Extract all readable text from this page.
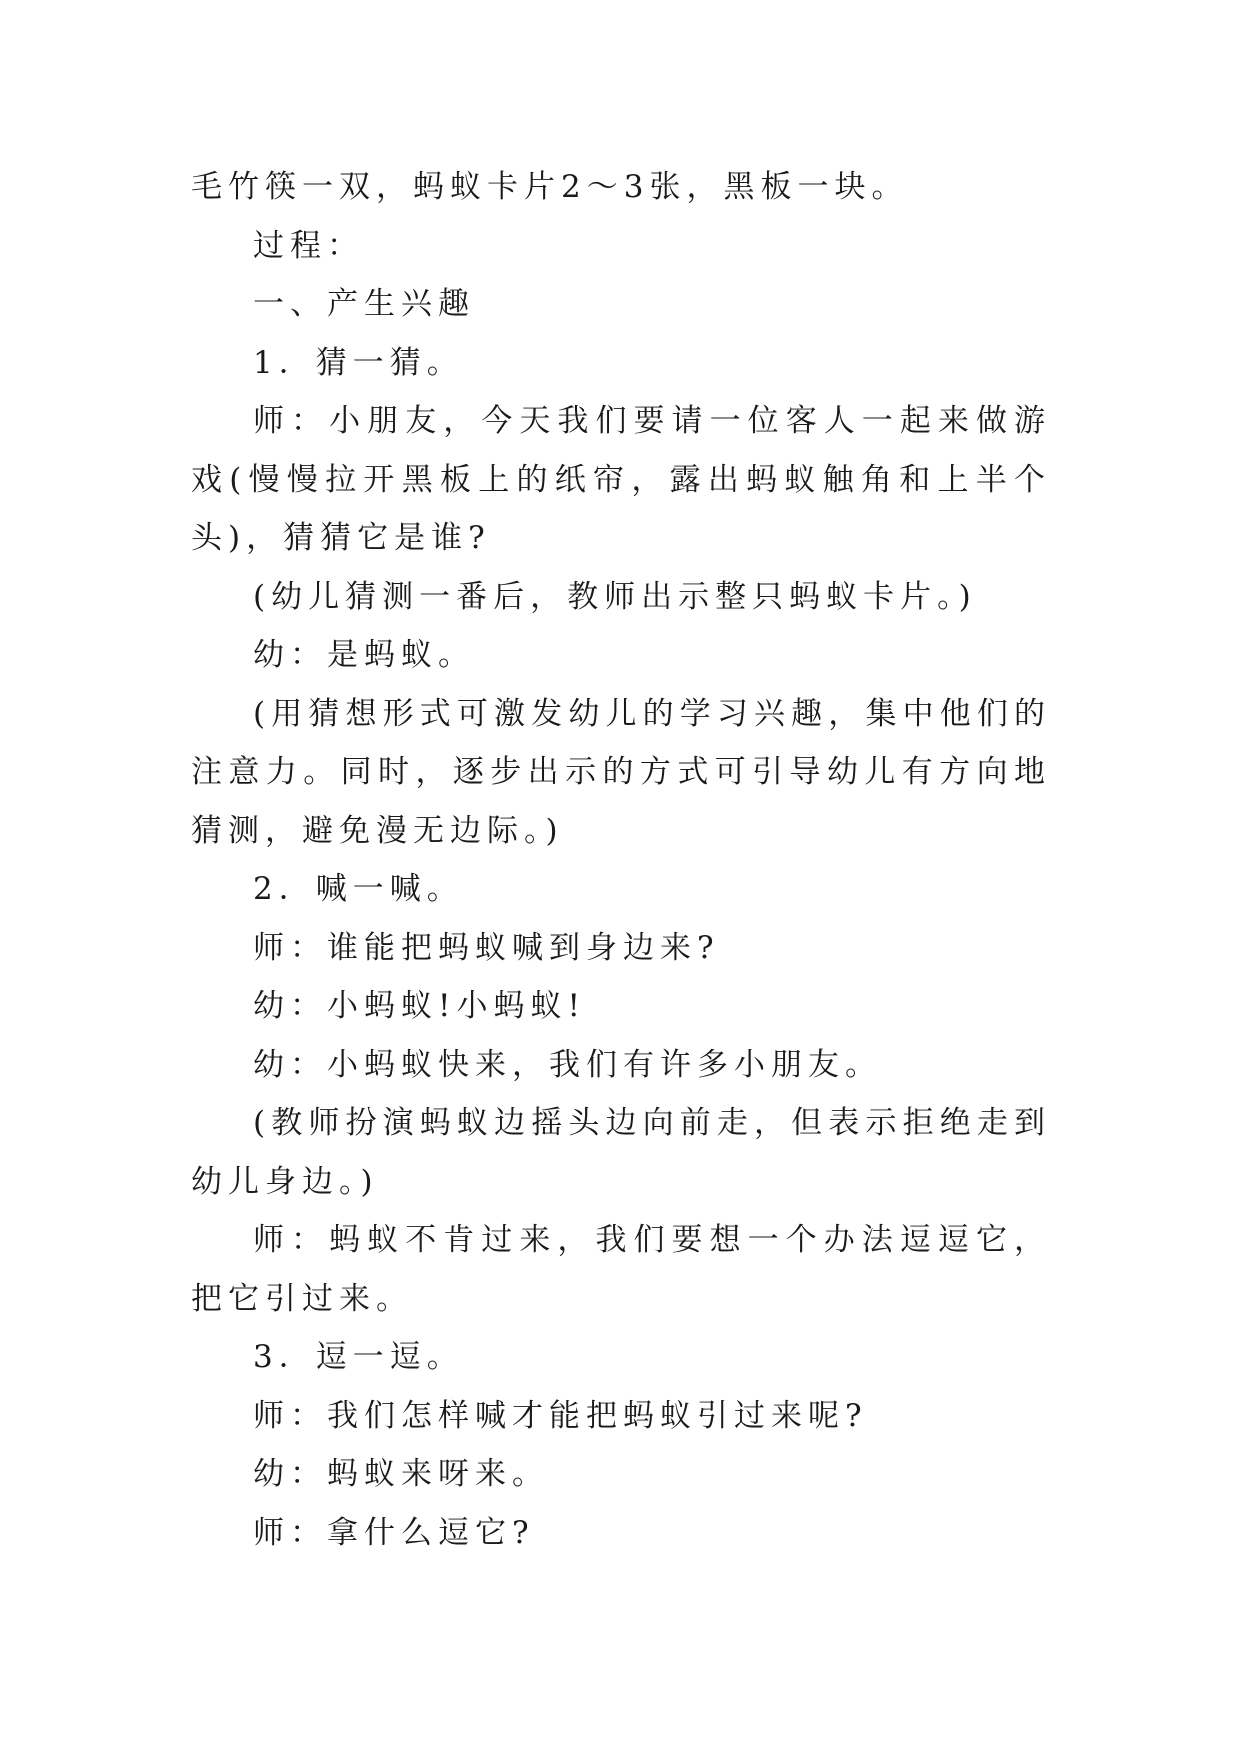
毛竹筷一双，蚂蚁卡片2～3张，黑板一块。

过程：

一、产生兴趣

1．猜一猜。

师：小朋友，今天我们要请一位客人一起来做游戏(慢慢拉开黑板上的纸帘，露出蚂蚁触角和上半个头)，猜猜它是谁?

(幼儿猜测一番后，教师出示整只蚂蚁卡片。)

幼：是蚂蚁。

(用猜想形式可激发幼儿的学习兴趣，集中他们的注意力。同时，逐步出示的方式可引导幼儿有方向地猜测，避免漫无边际。)

2．喊一喊。

师：谁能把蚂蚁喊到身边来?

幼：小蚂蚁!小蚂蚁!

幼：小蚂蚁快来，我们有许多小朋友。

(教师扮演蚂蚁边摇头边向前走，但表示拒绝走到幼儿身边。)

师：蚂蚁不肯过来，我们要想一个办法逗逗它，把它引过来。

3．逗一逗。

师：我们怎样喊才能把蚂蚁引过来呢?

幼：蚂蚁来呀来。

师：拿什么逗它?
